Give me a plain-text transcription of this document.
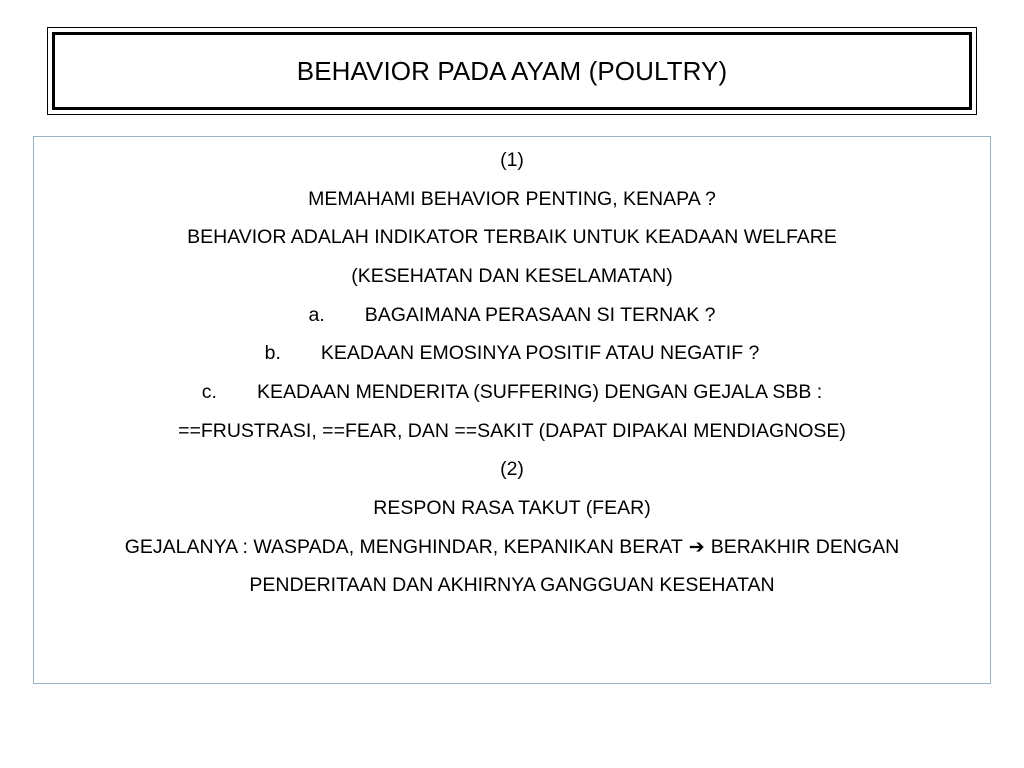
BEHAVIOR PADA AYAM (POULTRY)
(1)
MEMAHAMI BEHAVIOR PENTING, KENAPA ?
BEHAVIOR ADALAH INDIKATOR TERBAIK UNTUK KEADAAN WELFARE
(KESEHATAN DAN KESELAMATAN)
a. BAGAIMANA PERASAAN SI TERNAK ?
b. KEADAAN EMOSINYA POSITIF ATAU NEGATIF ?
c. KEADAAN MENDERITA (SUFFERING) DENGAN GEJALA SBB :
==FRUSTRASI, ==FEAR, DAN ==SAKIT (DAPAT DIPAKAI MENDIAGNOSE)
(2)
RESPON RASA TAKUT (FEAR)
GEJALANYA : WASPADA, MENGHINDAR, KEPANIKAN BERAT ➔ BERAKHIR DENGAN
PENDERITAAN DAN AKHIRNYA GANGGUAN KESEHATAN
